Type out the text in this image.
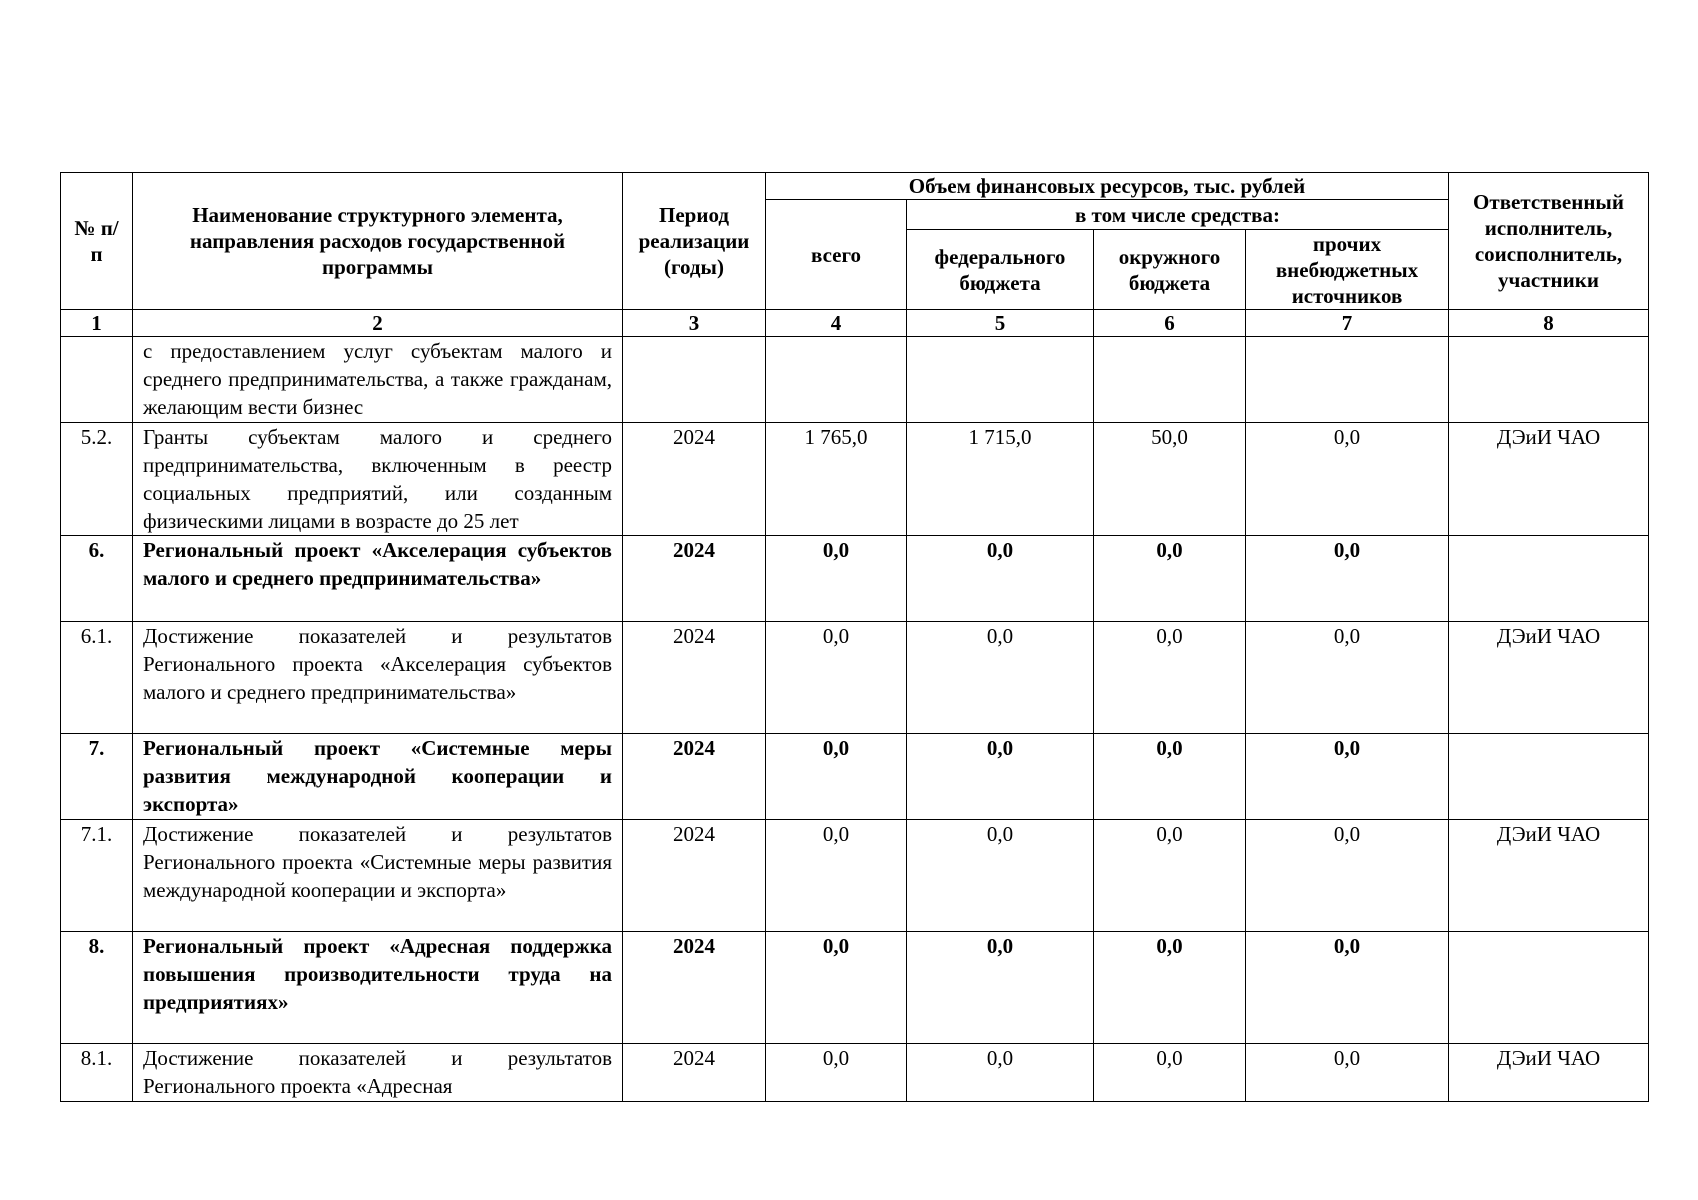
№ п/п	Наименование структурного элемента, направления расходов государственной программы	Период реализации (годы)	Объем финансовых ресурсов, тыс. рублей				Ответственный исполнитель, соисполнитель, участники
			всего	в том числе средства:			
				федерального бюджета	окружного бюджета	прочих внебюджетных источников	
1	2	3	4	5	6	7	8
	с предоставлением услуг субъектам малого и среднего предпринимательства, а также гражданам, желающим вести бизнес						
5.2.	Гранты субъектам малого и среднего предпринимательства, включенным в реестр социальных предприятий, или созданным физическими лицами в возрасте до 25 лет	2024	1 765,0	1 715,0	50,0	0,0	ДЭиИ ЧАО
6.	Региональный проект «Акселерация субъектов малого и среднего предпринимательства»	2024	0,0	0,0	0,0	0,0	
6.1.	Достижение показателей и результатов Регионального проекта «Акселерация субъектов малого и среднего предпринимательства»	2024	0,0	0,0	0,0	0,0	ДЭиИ ЧАО
7.	Региональный проект «Системные меры развития международной кооперации и экспорта»	2024	0,0	0,0	0,0	0,0	
7.1.	Достижение показателей и результатов Регионального проекта «Системные меры развития международной кооперации и экспорта»	2024	0,0	0,0	0,0	0,0	ДЭиИ ЧАО
8.	Региональный проект «Адресная поддержка повышения производительности труда на предприятиях»	2024	0,0	0,0	0,0	0,0	
8.1.	Достижение показателей и результатов Регионального проекта «Адресная	2024	0,0	0,0	0,0	0,0	ДЭиИ ЧАО
